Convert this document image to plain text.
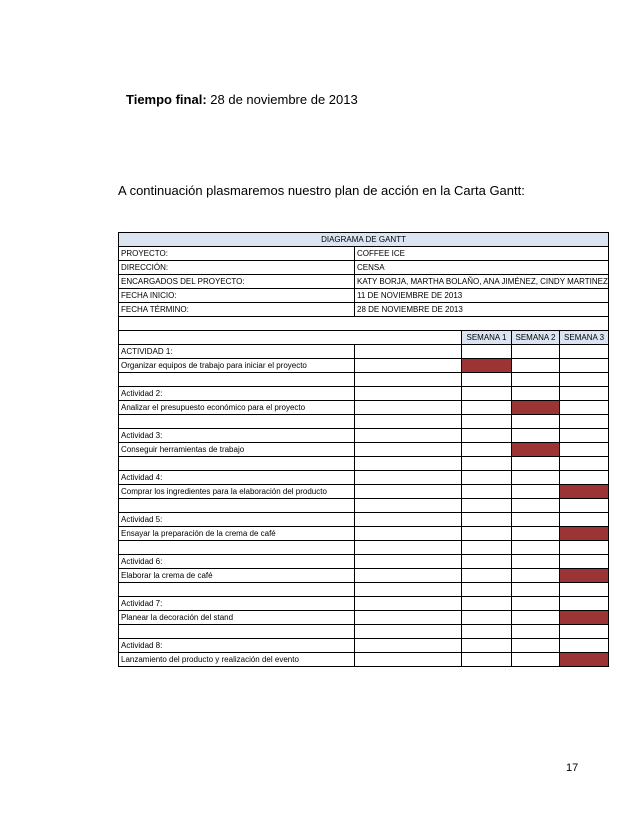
Tiempo final: 28 de noviembre de 2013
A continuación plasmaremos nuestro plan de acción en la Carta Gantt:
DIAGRAMA DE GANTT				
PROYECTO:	COFFEE ICE			
DIRECCIÓN:	CENSA			
ENCARGADOS DEL PROYECTO:	KATY BORJA, MARTHA BOLAÑO, ANA JIMÉNEZ, CINDY MARTINEZ			
FECHA INICIO:	11 DE NOVIEMBRE DE 2013			
FECHA TÉRMINO:	28 DE NOVIEMBRE DE 2013			

		SEMANA 1	SEMANA 2	SEMANA 3
ACTIVIDAD 1:				
Organizar equipos de trabajo para iniciar el proyecto				

Actividad 2:				
Analizar el presupuesto económico para el proyecto				

Actividad 3:				
Conseguir herramientas de trabajo				

Actividad 4:				
Comprar los ingredientes para la elaboración del producto				

Actividad 5:				
Ensayar la preparación de la crema de café				

Actividad 6:				
Elaborar la crema de café				

Actividad 7:				
Planear la decoración del stand				

Actividad 8:				
Lanzamiento del producto y realización del evento				
17
